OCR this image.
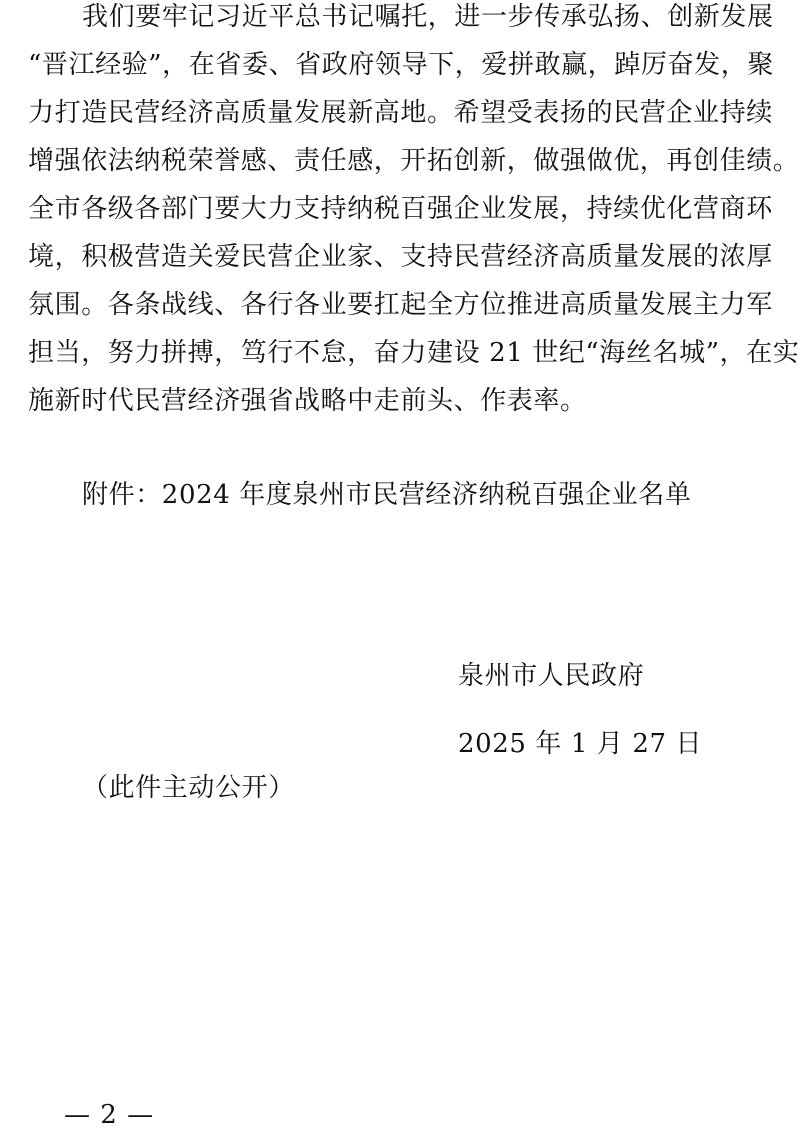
我们要牢记习近平总书记嘱托，进一步传承弘扬、创新发展
“晋江经验”，在省委、省政府领导下，爱拼敢赢，踔厉奋发，聚
力打造民营经济高质量发展新高地。希望受表扬的民营企业持续
增强依法纳税荣誉感、责任感，开拓创新，做强做优，再创佳绩。
全市各级各部门要大力支持纳税百强企业发展，持续优化营商环
境，积极营造关爱民营企业家、支持民营经济高质量发展的浓厚
氛围。各条战线、各行各业要扛起全方位推进高质量发展主力军
担当，努力拼搏，笃行不怠，奋力建设 21 世纪“海丝名城”，在实
施新时代民营经济强省战略中走前头、作表率。
附件：2024 年度泉州市民营经济纳税百强企业名单
泉州市人民政府
2025 年 1 月 27 日
（此件主动公开）
— 2 —
